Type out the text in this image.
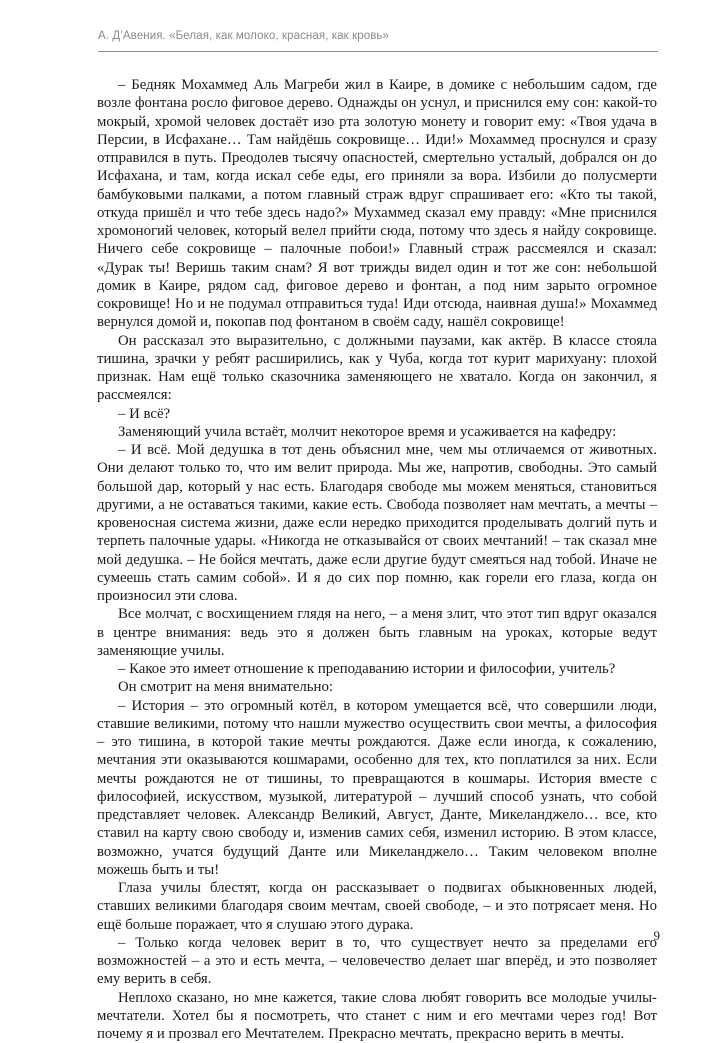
А. Д’Авения. «Белая, как молоко, красная, как кровь»

– Бедняк Мохаммед Аль Магреби жил в Каире, в домике с небольшим садом, где возле фонтана росло фиговое дерево. Однажды он уснул, и приснился ему сон: какой-то мокрый, хромой человек достаёт изо рта золотую монету и говорит ему: «Твоя удача в Персии, в Исфахане… Там найдёшь сокровище… Иди!» Мохаммед проснулся и сразу отправился в путь. Преодолев тысячу опасностей, смертельно усталый, добрался он до Исфахана, и там, когда искал себе еды, его приняли за вора. Избили до полусмерти бамбуковыми палками, а потом главный страж вдруг спрашивает его: «Кто ты такой, откуда пришёл и что тебе здесь надо?» Мухаммед сказал ему правду: «Мне приснился хромоногий человек, который велел прийти сюда, потому что здесь я найду сокровище. Ничего себе сокровище – палочные побои!» Главный страж рассмеялся и сказал: «Дурак ты! Веришь таким снам? Я вот трижды видел один и тот же сон: небольшой домик в Каире, рядом сад, фиговое дерево и фонтан, а под ним зарыто огромное сокровище! Но и не подумал отправиться туда! Иди отсюда, наивная душа!» Мохаммед вернулся домой и, покопав под фонтаном в своём саду, нашёл сокровище!

Он рассказал это выразительно, с должными паузами, как актёр. В классе стояла тишина, зрачки у ребят расширились, как у Чуба, когда тот курит марихуану: плохой признак. Нам ещё только сказочника заменяющего не хватало. Когда он закончил, я рассмеялся:

– И всё?

Заменяющий учила встаёт, молчит некоторое время и усаживается на кафедру:

– И всё. Мой дедушка в тот день объяснил мне, чем мы отличаемся от животных. Они делают только то, что им велит природа. Мы же, напротив, свободны. Это самый большой дар, который у нас есть. Благодаря свободе мы можем меняться, становиться другими, а не оставаться такими, какие есть. Свобода позволяет нам мечтать, а мечты – кровеносная система жизни, даже если нередко приходится проделывать долгий путь и терпеть палочные удары. «Никогда не отказывайся от своих мечтаний! – так сказал мне мой дедушка. – Не бойся мечтать, даже если другие будут смеяться над тобой. Иначе не сумеешь стать самим собой». И я до сих пор помню, как горели его глаза, когда он произносил эти слова.

Все молчат, с восхищением глядя на него, – а меня злит, что этот тип вдруг оказался в центре внимания: ведь это я должен быть главным на уроках, которые ведут заменяющие училы.

– Какое это имеет отношение к преподаванию истории и философии, учитель?

Он смотрит на меня внимательно:

– История – это огромный котёл, в котором умещается всё, что совершили люди, ставшие великими, потому что нашли мужество осуществить свои мечты, а философия – это тишина, в которой такие мечты рождаются. Даже если иногда, к сожалению, мечтания эти оказываются кошмарами, особенно для тех, кто поплатился за них. Если мечты рождаются не от тишины, то превращаются в кошмары. История вместе с философией, искусством, музыкой, литературой – лучший способ узнать, что собой представляет человек. Александр Великий, Август, Данте, Микеланджело… все, кто ставил на карту свою свободу и, изменив самих себя, изменил историю. В этом классе, возможно, учатся будущий Данте или Микеланджело… Таким человеком вполне можешь быть и ты!

Глаза училы блестят, когда он рассказывает о подвигах обыкновенных людей, ставших великими благодаря своим мечтам, своей свободе, – и это потрясает меня. Но ещё больше поражает, что я слушаю этого дурака.

– Только когда человек верит в то, что существует нечто за пределами его возможностей – а это и есть мечта, – человечество делает шаг вперёд, и это позволяет ему верить в себя.

Неплохо сказано, но мне кажется, такие слова любят говорить все молодые училы-мечтатели. Хотел бы я посмотреть, что станет с ним и его мечтами через год! Вот почему я и прозвал его Мечтателем. Прекрасно мечтать, прекрасно верить в мечты.

9
